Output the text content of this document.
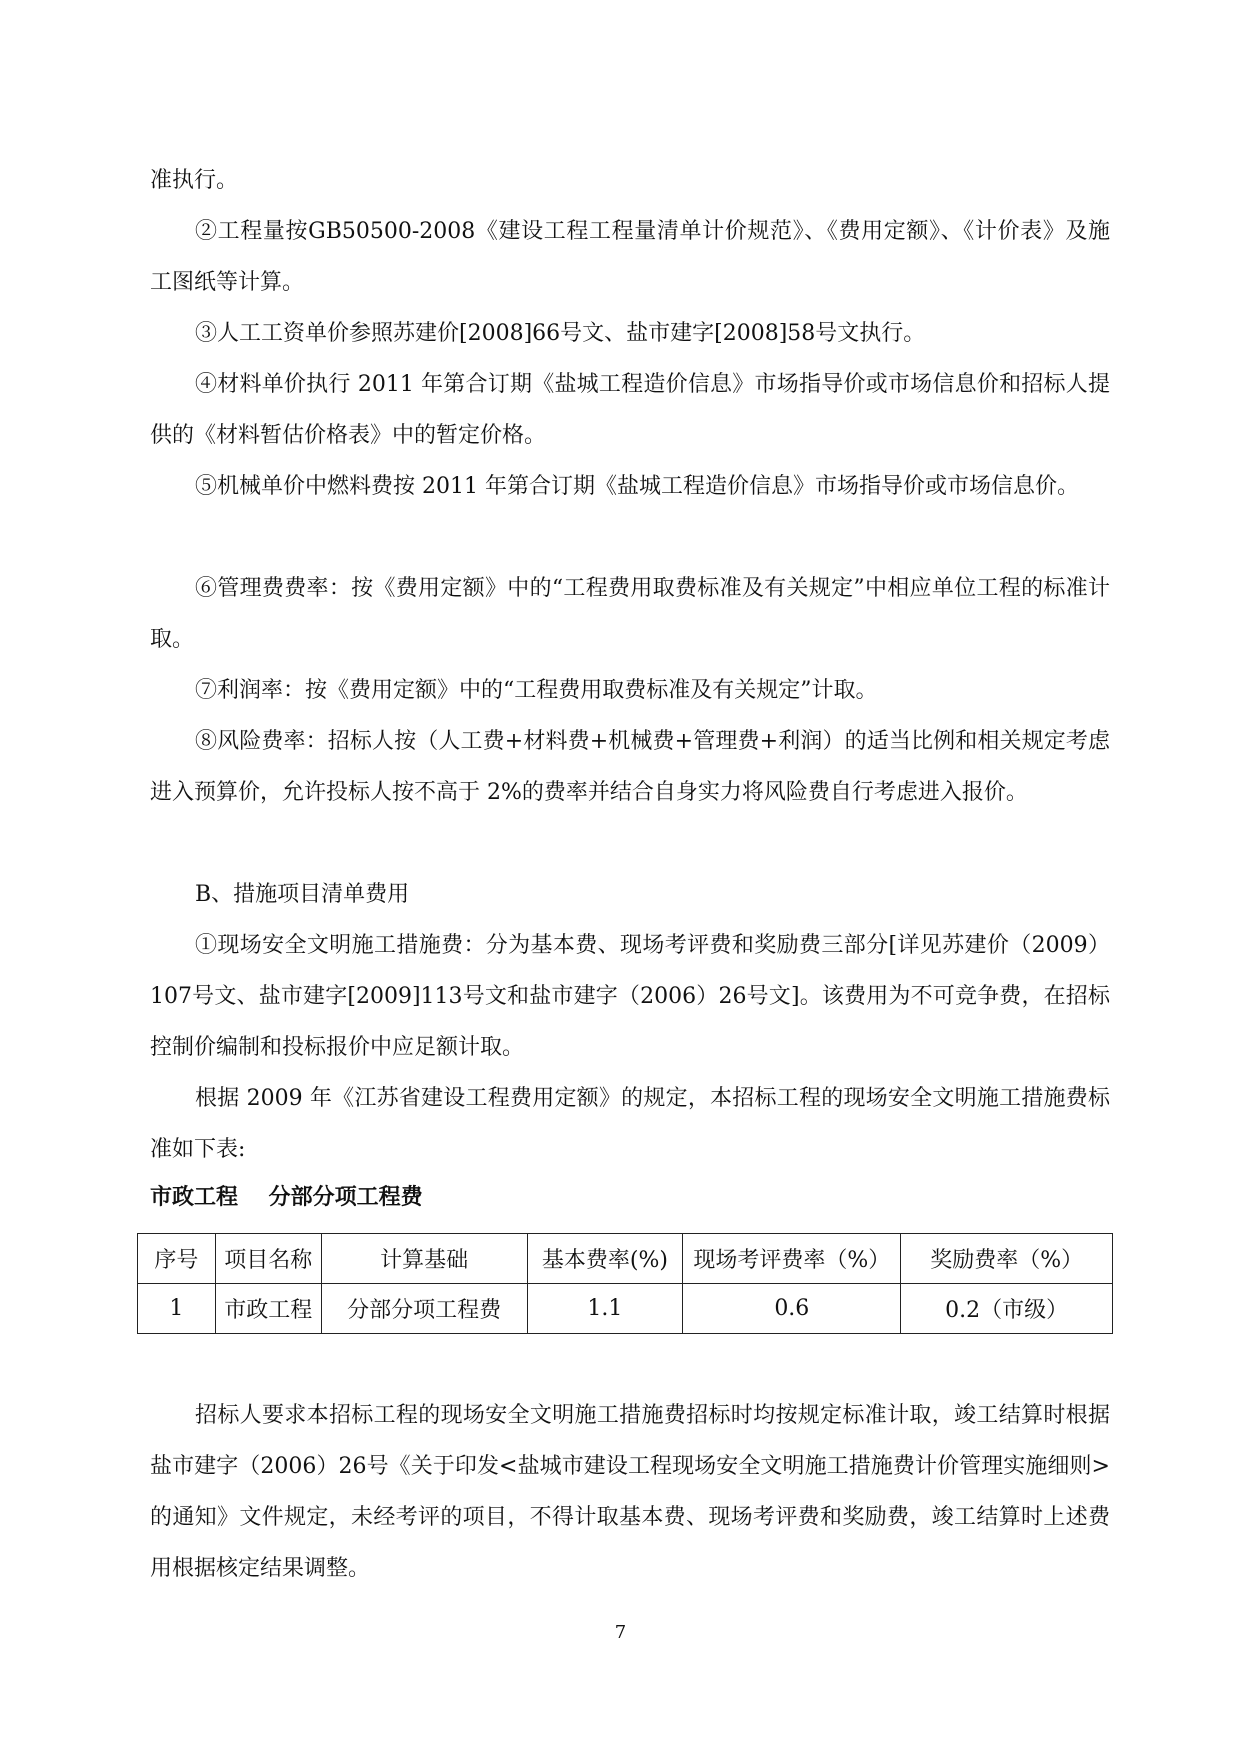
准执行。

②工程量按GB50500-2008《建设工程工程量清单计价规范》、《费用定额》、《计价表》及施工图纸等计算。

③人工工资单价参照苏建价[2008]66号文、盐市建字[2008]58号文执行。

④材料单价执行 2011 年第合订期《盐城工程造价信息》市场指导价或市场信息价和招标人提供的《材料暂估价格表》中的暂定价格。

⑤机械单价中燃料费按 2011 年第合订期《盐城工程造价信息》市场指导价或市场信息价。

⑥管理费费率：按《费用定额》中的“工程费用取费标准及有关规定”中相应单位工程的标准计取。

⑦利润率：按《费用定额》中的“工程费用取费标准及有关规定”计取。

⑧风险费率：招标人按（人工费+材料费+机械费+管理费+利润）的适当比例和相关规定考虑进入预算价，允许投标人按不高于 2%的费率并结合自身实力将风险费自行考虑进入报价。

B、措施项目清单费用

①现场安全文明施工措施费：分为基本费、现场考评费和奖励费三部分[详见苏建价（2009）107号文、盐市建字[2009]113号文和盐市建字（2006）26号文]。该费用为不可竞争费，在招标控制价编制和投标报价中应足额计取。

根据 2009 年《江苏省建设工程费用定额》的规定，本招标工程的现场安全文明施工措施费标准如下表:

市政工程    分部分项工程费

序号	项目名称	计算基础	基本费率(%)	现场考评费率（%）	奖励费率（%）
1	市政工程	分部分项工程费	1.1	0.6	0.2（市级）

招标人要求本招标工程的现场安全文明施工措施费招标时均按规定标准计取，竣工结算时根据盐市建字（2006）26号《关于印发<盐城市建设工程现场安全文明施工措施费计价管理实施细则>的通知》文件规定，未经考评的项目，不得计取基本费、现场考评费和奖励费，竣工结算时上述费用根据核定结果调整。

7
